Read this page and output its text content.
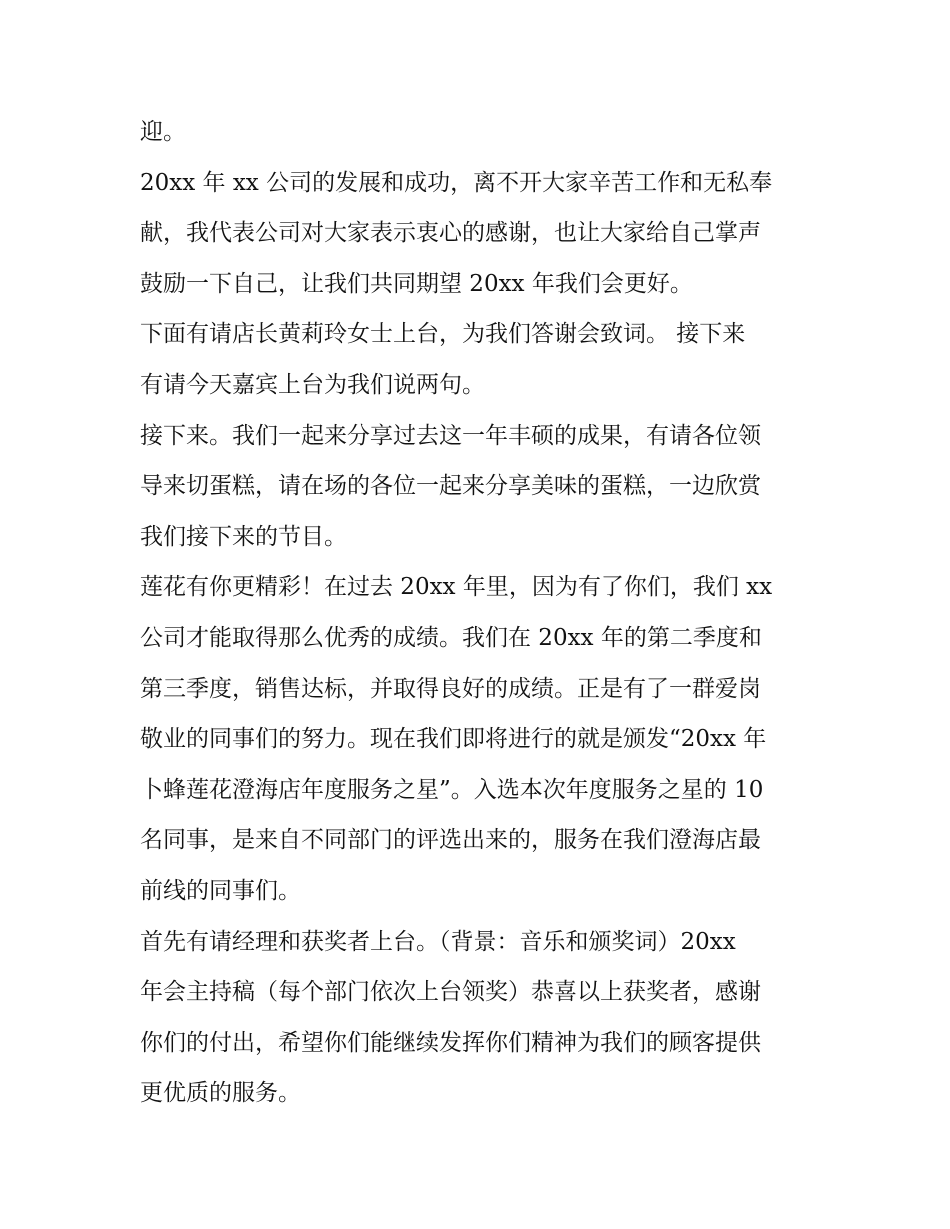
迎。

20xx 年 xx 公司的发展和成功，离不开大家辛苦工作和无私奉

献，我代表公司对大家表示衷心的感谢，也让大家给自己掌声

鼓励一下自己，让我们共同期望 20xx 年我们会更好。

下面有请店长黄莉玲女士上台，为我们答谢会致词。 接下来

有请今天嘉宾上台为我们说两句。

接下来。我们一起来分享过去这一年丰硕的成果，有请各位领

导来切蛋糕，请在场的各位一起来分享美味的蛋糕，一边欣赏

我们接下来的节目。

莲花有你更精彩！在过去 20xx 年里，因为有了你们，我们 xx

公司才能取得那么优秀的成绩。我们在 20xx 年的第二季度和

第三季度，销售达标，并取得良好的成绩。正是有了一群爱岗

敬业的同事们的努力。现在我们即将进行的就是颁发“20xx 年

卜蜂莲花澄海店年度服务之星”。入选本次年度服务之星的 10

名同事，是来自不同部门的评选出来的，服务在我们澄海店最

前线的同事们。

首先有请经理和获奖者上台。（背景：音乐和颁奖词）20xx

年会主持稿（每个部门依次上台领奖）恭喜以上获奖者，感谢

你们的付出，希望你们能继续发挥你们精神为我们的顾客提供

更优质的服务。
